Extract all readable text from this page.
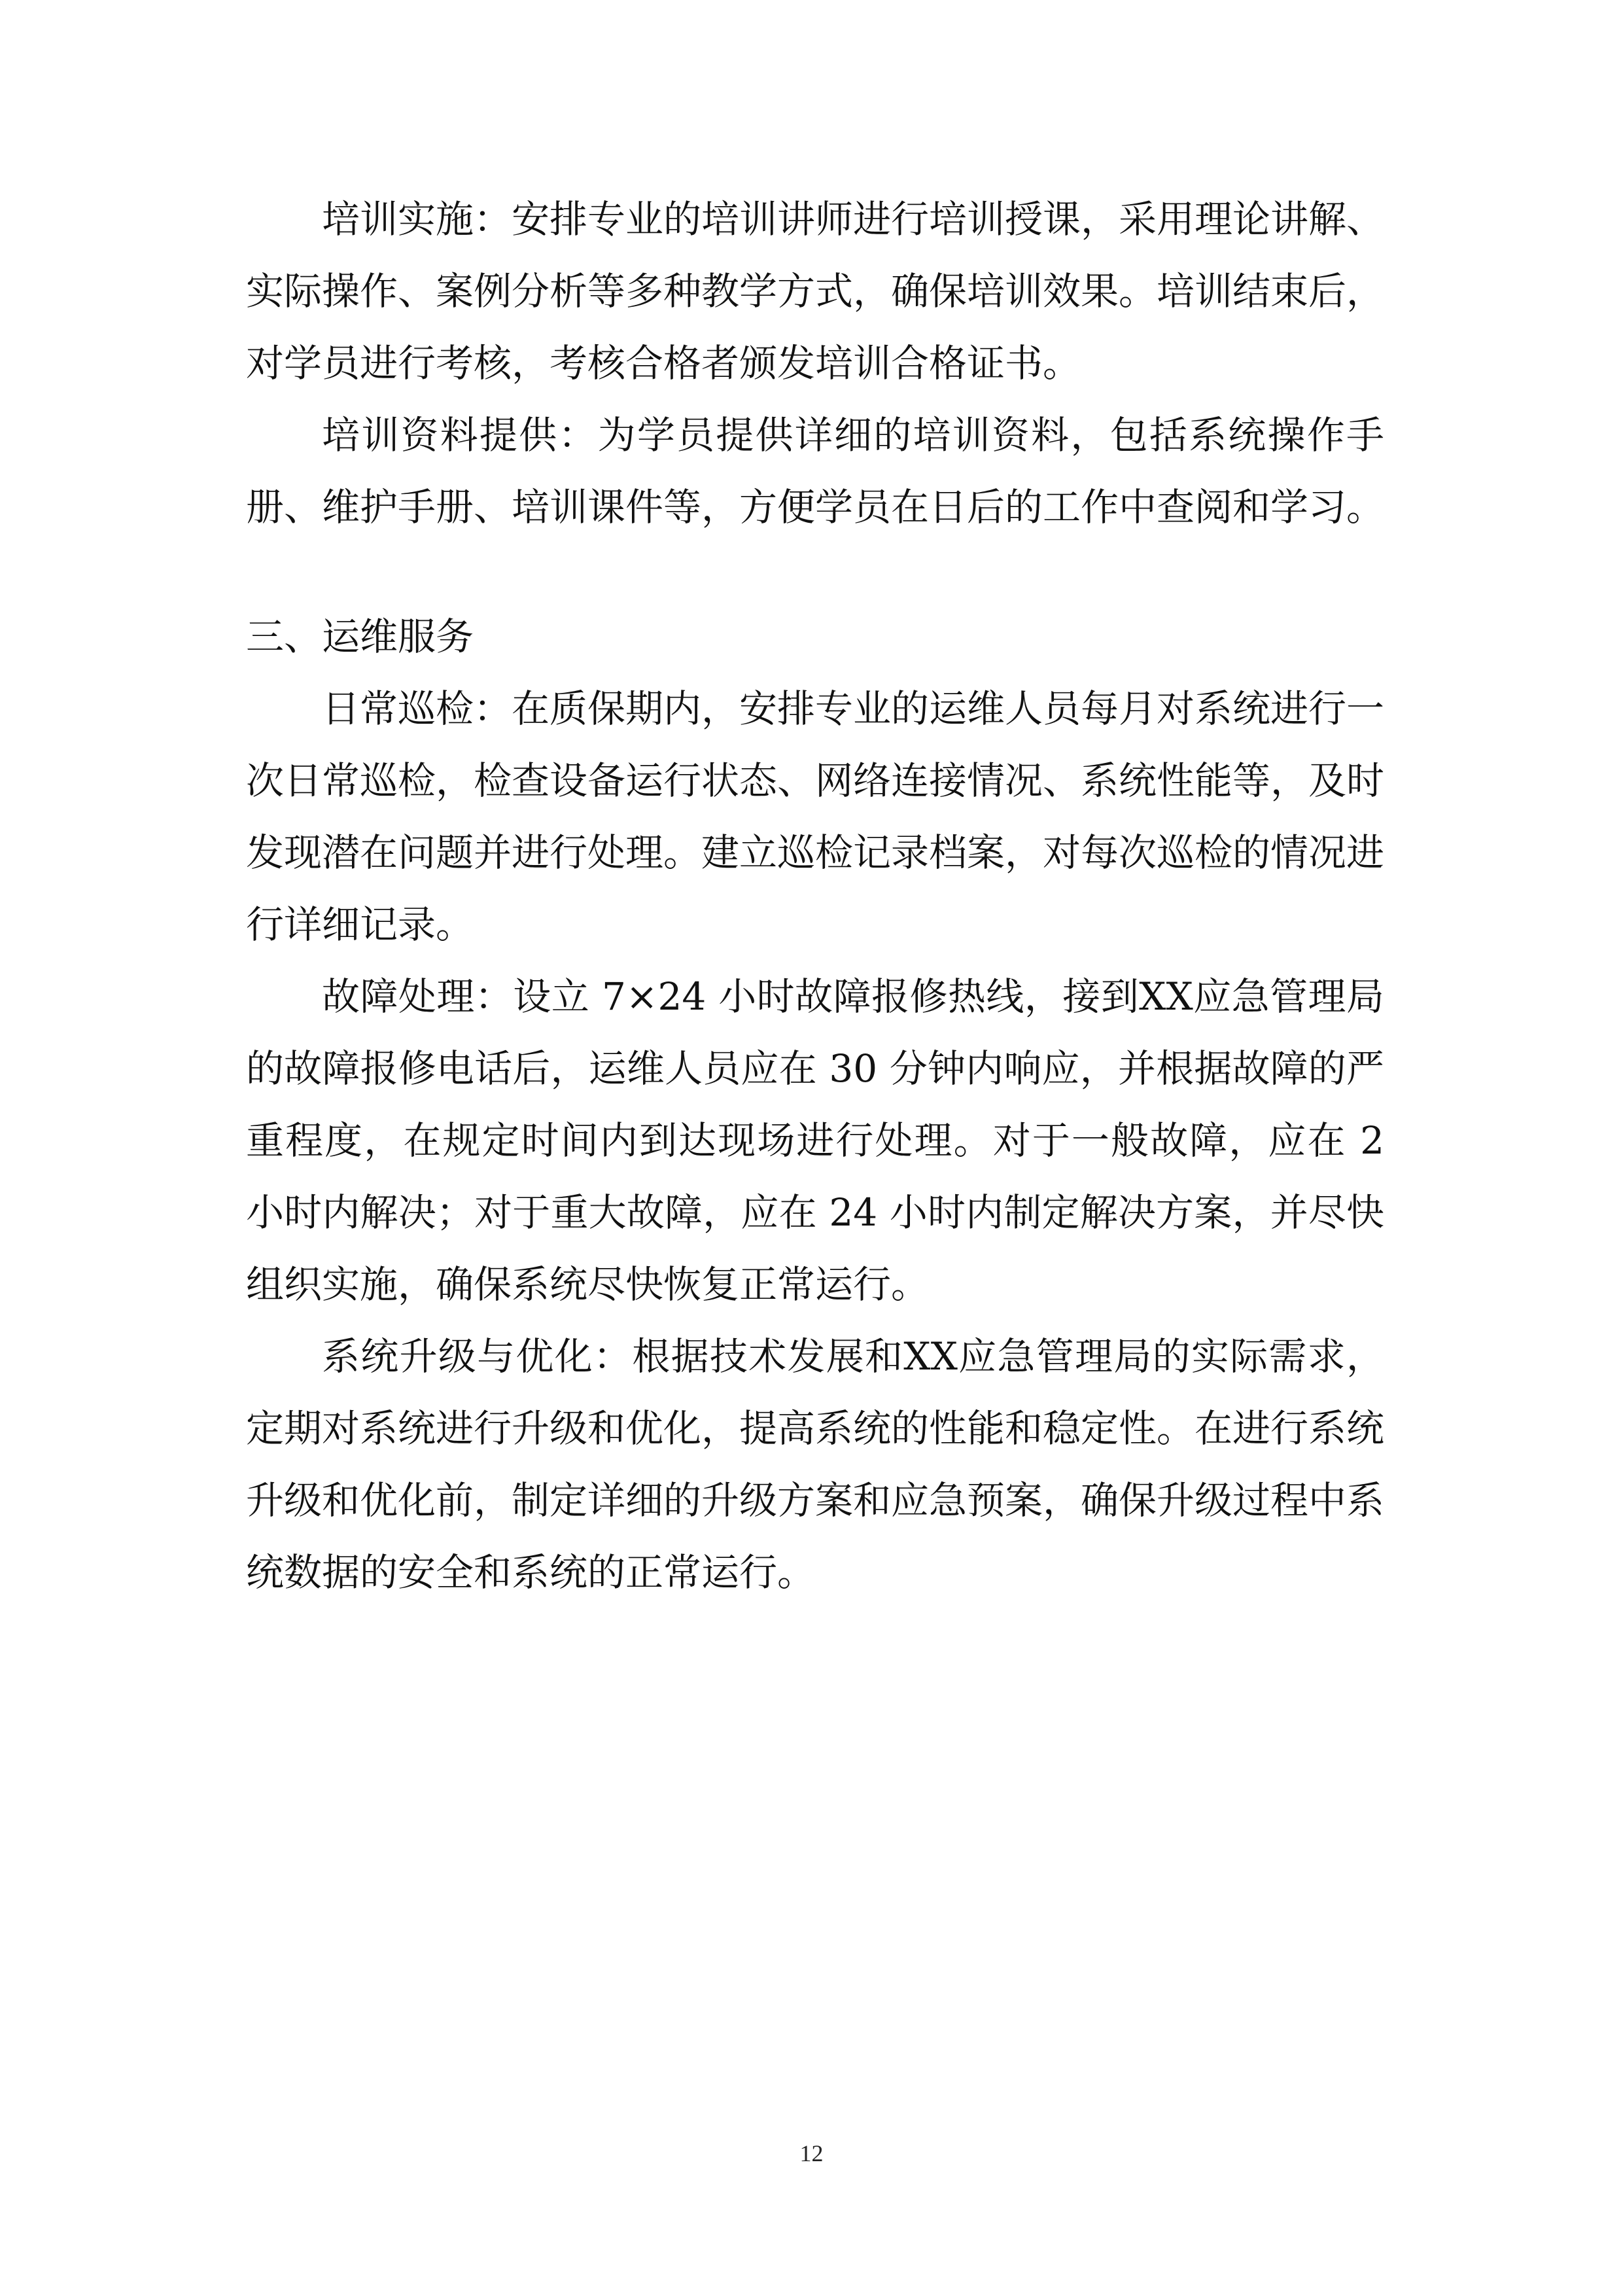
培训实施：安排专业的培训讲师进行培训授课，采用理论讲解、实际操作、案例分析等多种教学方式，确保培训效果。培训结束后，对学员进行考核，考核合格者颁发培训合格证书。

培训资料提供：为学员提供详细的培训资料，包括系统操作手册、维护手册、培训课件等，方便学员在日后的工作中查阅和学习。

三、运维服务

日常巡检：在质保期内，安排专业的运维人员每月对系统进行一次日常巡检，检查设备运行状态、网络连接情况、系统性能等，及时发现潜在问题并进行处理。建立巡检记录档案，对每次巡检的情况进行详细记录。

故障处理：设立 7×24 小时故障报修热线，接到XX应急管理局的故障报修电话后，运维人员应在 30 分钟内响应，并根据故障的严重程度，在规定时间内到达现场进行处理。对于一般故障，应在 2 小时内解决；对于重大故障，应在 24 小时内制定解决方案，并尽快组织实施，确保系统尽快恢复正常运行。

系统升级与优化：根据技术发展和XX应急管理局的实际需求，定期对系统进行升级和优化，提高系统的性能和稳定性。在进行系统升级和优化前，制定详细的升级方案和应急预案，确保升级过程中系统数据的安全和系统的正常运行。

12
